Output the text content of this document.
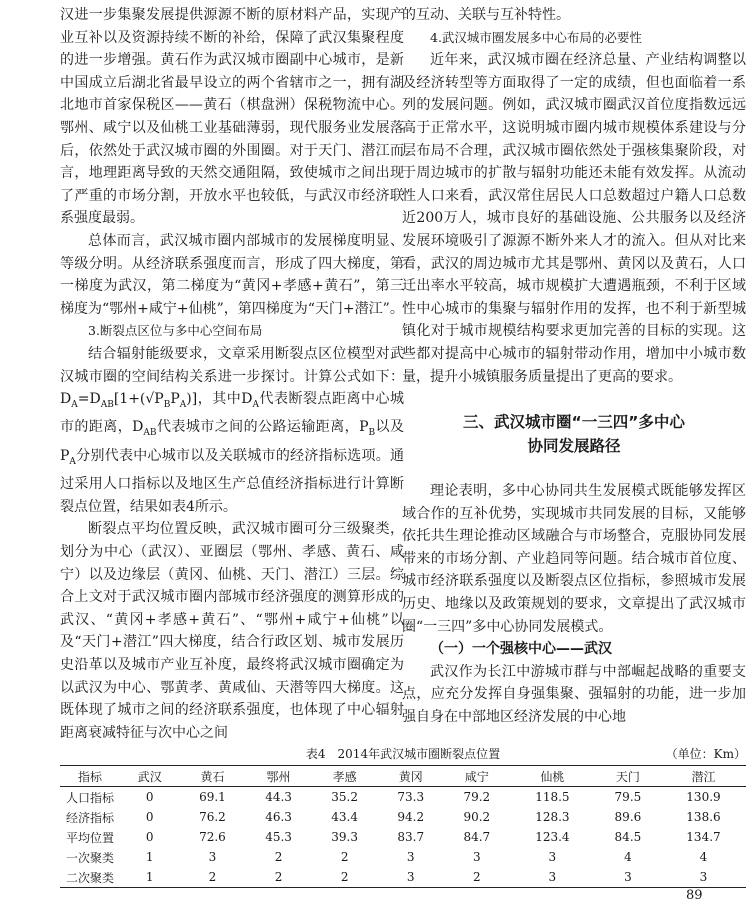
汉进一步集聚发展提供源源不断的原材料产品，实现产业互补以及资源持续不断的补给，保障了武汉集聚程度的进一步增强。黄石作为武汉城市圈副中心城市，是新中国成立后湖北省最早设立的两个省辖市之一，拥有湖北地市首家保税区——黄石（棋盘洲）保税物流中心。鄂州、咸宁以及仙桃工业基础薄弱，现代服务业发展落后，依然处于武汉城市圈的外围圈。对于天门、潜江而言，地理距离导致的天然交通阻隔，致使城市之间出现了严重的市场分割，开放水平也较低，与武汉市经济联系强度最弱。

总体而言，武汉城市圈内部城市的发展梯度明显、等级分明。从经济联系强度而言，形成了四大梯度，第一梯度为武汉，第二梯度为“黄冈+孝感+黄石”，第三梯度为“鄂州+咸宁+仙桃”，第四梯度为“天门+潜江”。

3.断裂点区位与多中心空间布局

结合辐射能级要求，文章采用断裂点区位模型对武汉城市圈的空间结构关系进一步探讨。计算公式如下：$D_A=D_{AB}[1+(√P_BP_A)]$，其中$D_A$代表断裂点距离中心城市的距离，$D_{AB}$代表城市之间的公路运输距离，$P_B$以及$P_A$分别代表中心城市以及关联城市的经济指标选项。通过采用人口指标以及地区生产总值经济指标进行计算断裂点位置，结果如表4所示。

断裂点平均位置反映，武汉城市圈可分三级聚类，划分为中心（武汉）、亚圈层（鄂州、孝感、黄石、咸宁）以及边缘层（黄冈、仙桃、天门、潜江）三层。综合上文对于武汉城市圈内部城市经济强度的测算形成的武汉、“黄冈+孝感+黄石”、“鄂州+咸宁+仙桃”以及“天门+潜江”四大梯度，结合行政区划、城市发展历史沿革以及城市产业互补度，最终将武汉城市圈确定为以武汉为中心、鄂黄孝、黄咸仙、天潜等四大梯度。这既体现了城市之间的经济联系强度，也体现了中心辐射距离衰减特征与次中心之间

的互动、关联与互补特性。

4.武汉城市圈发展多中心布局的必要性

近年来，武汉城市圈在经济总量、产业结构调整以及经济转型等方面取得了一定的成绩，但也面临着一系列的发展问题。例如，武汉城市圈武汉首位度指数远远高于正常水平，这说明城市圈内城市规模体系建设与分层布局不合理，武汉城市圈依然处于强核集聚阶段，对于周边城市的扩散与辐射功能还未能有效发挥。从流动性人口来看，武汉常住居民人口总数超过户籍人口总数近200万人，城市良好的基础设施、公共服务以及经济发展环境吸引了源源不断外来人才的流入。但从对比来看，武汉的周边城市尤其是鄂州、黄冈以及黄石，人口迁出率水平较高，城市规模扩大遭遇瓶颈，不利于区域性中心城市的集聚与辐射作用的发挥，也不利于新型城镇化对于城市规模结构要求更加完善的目标的实现。这些都对提高中心城市的辐射带动作用，增加中小城市数量，提升小城镇服务质量提出了更高的要求。

三、武汉城市圈“一三四”多中心

协同发展路径

理论表明，多中心协同共生发展模式既能够发挥区域合作的互补优势，实现城市共同发展的目标，又能够依托共生理论推动区域融合与市场整合，克服协同发展带来的市场分割、产业趋同等问题。结合城市首位度、城市经济联系强度以及断裂点区位指标，参照城市发展历史、地缘以及政策规划的要求，文章提出了武汉城市圈“一三四”多中心协同发展模式。

（一）一个强核中心——武汉

武汉作为长江中游城市群与中部崛起战略的重要支点，应充分发挥自身强集聚、强辐射的功能，进一步加强自身在中部地区经济发展的中心地

表4　2014年武汉城市圈断裂点位置	（单位：Km）
指标	武汉	黄石	鄂州	孝感	黄冈	咸宁	仙桃	天门	潜江
人口指标	0	69.1	44.3	35.2	73.3	79.2	118.5	79.5	130.9
经济指标	0	76.2	46.3	43.4	94.2	90.2	128.3	89.6	138.6
平均位置	0	72.6	45.3	39.3	83.7	84.7	123.4	84.5	134.7
一次聚类	1	3	2	2	3	3	3	4	4
二次聚类	1	2	2	2	3	2	3	3	3
89
